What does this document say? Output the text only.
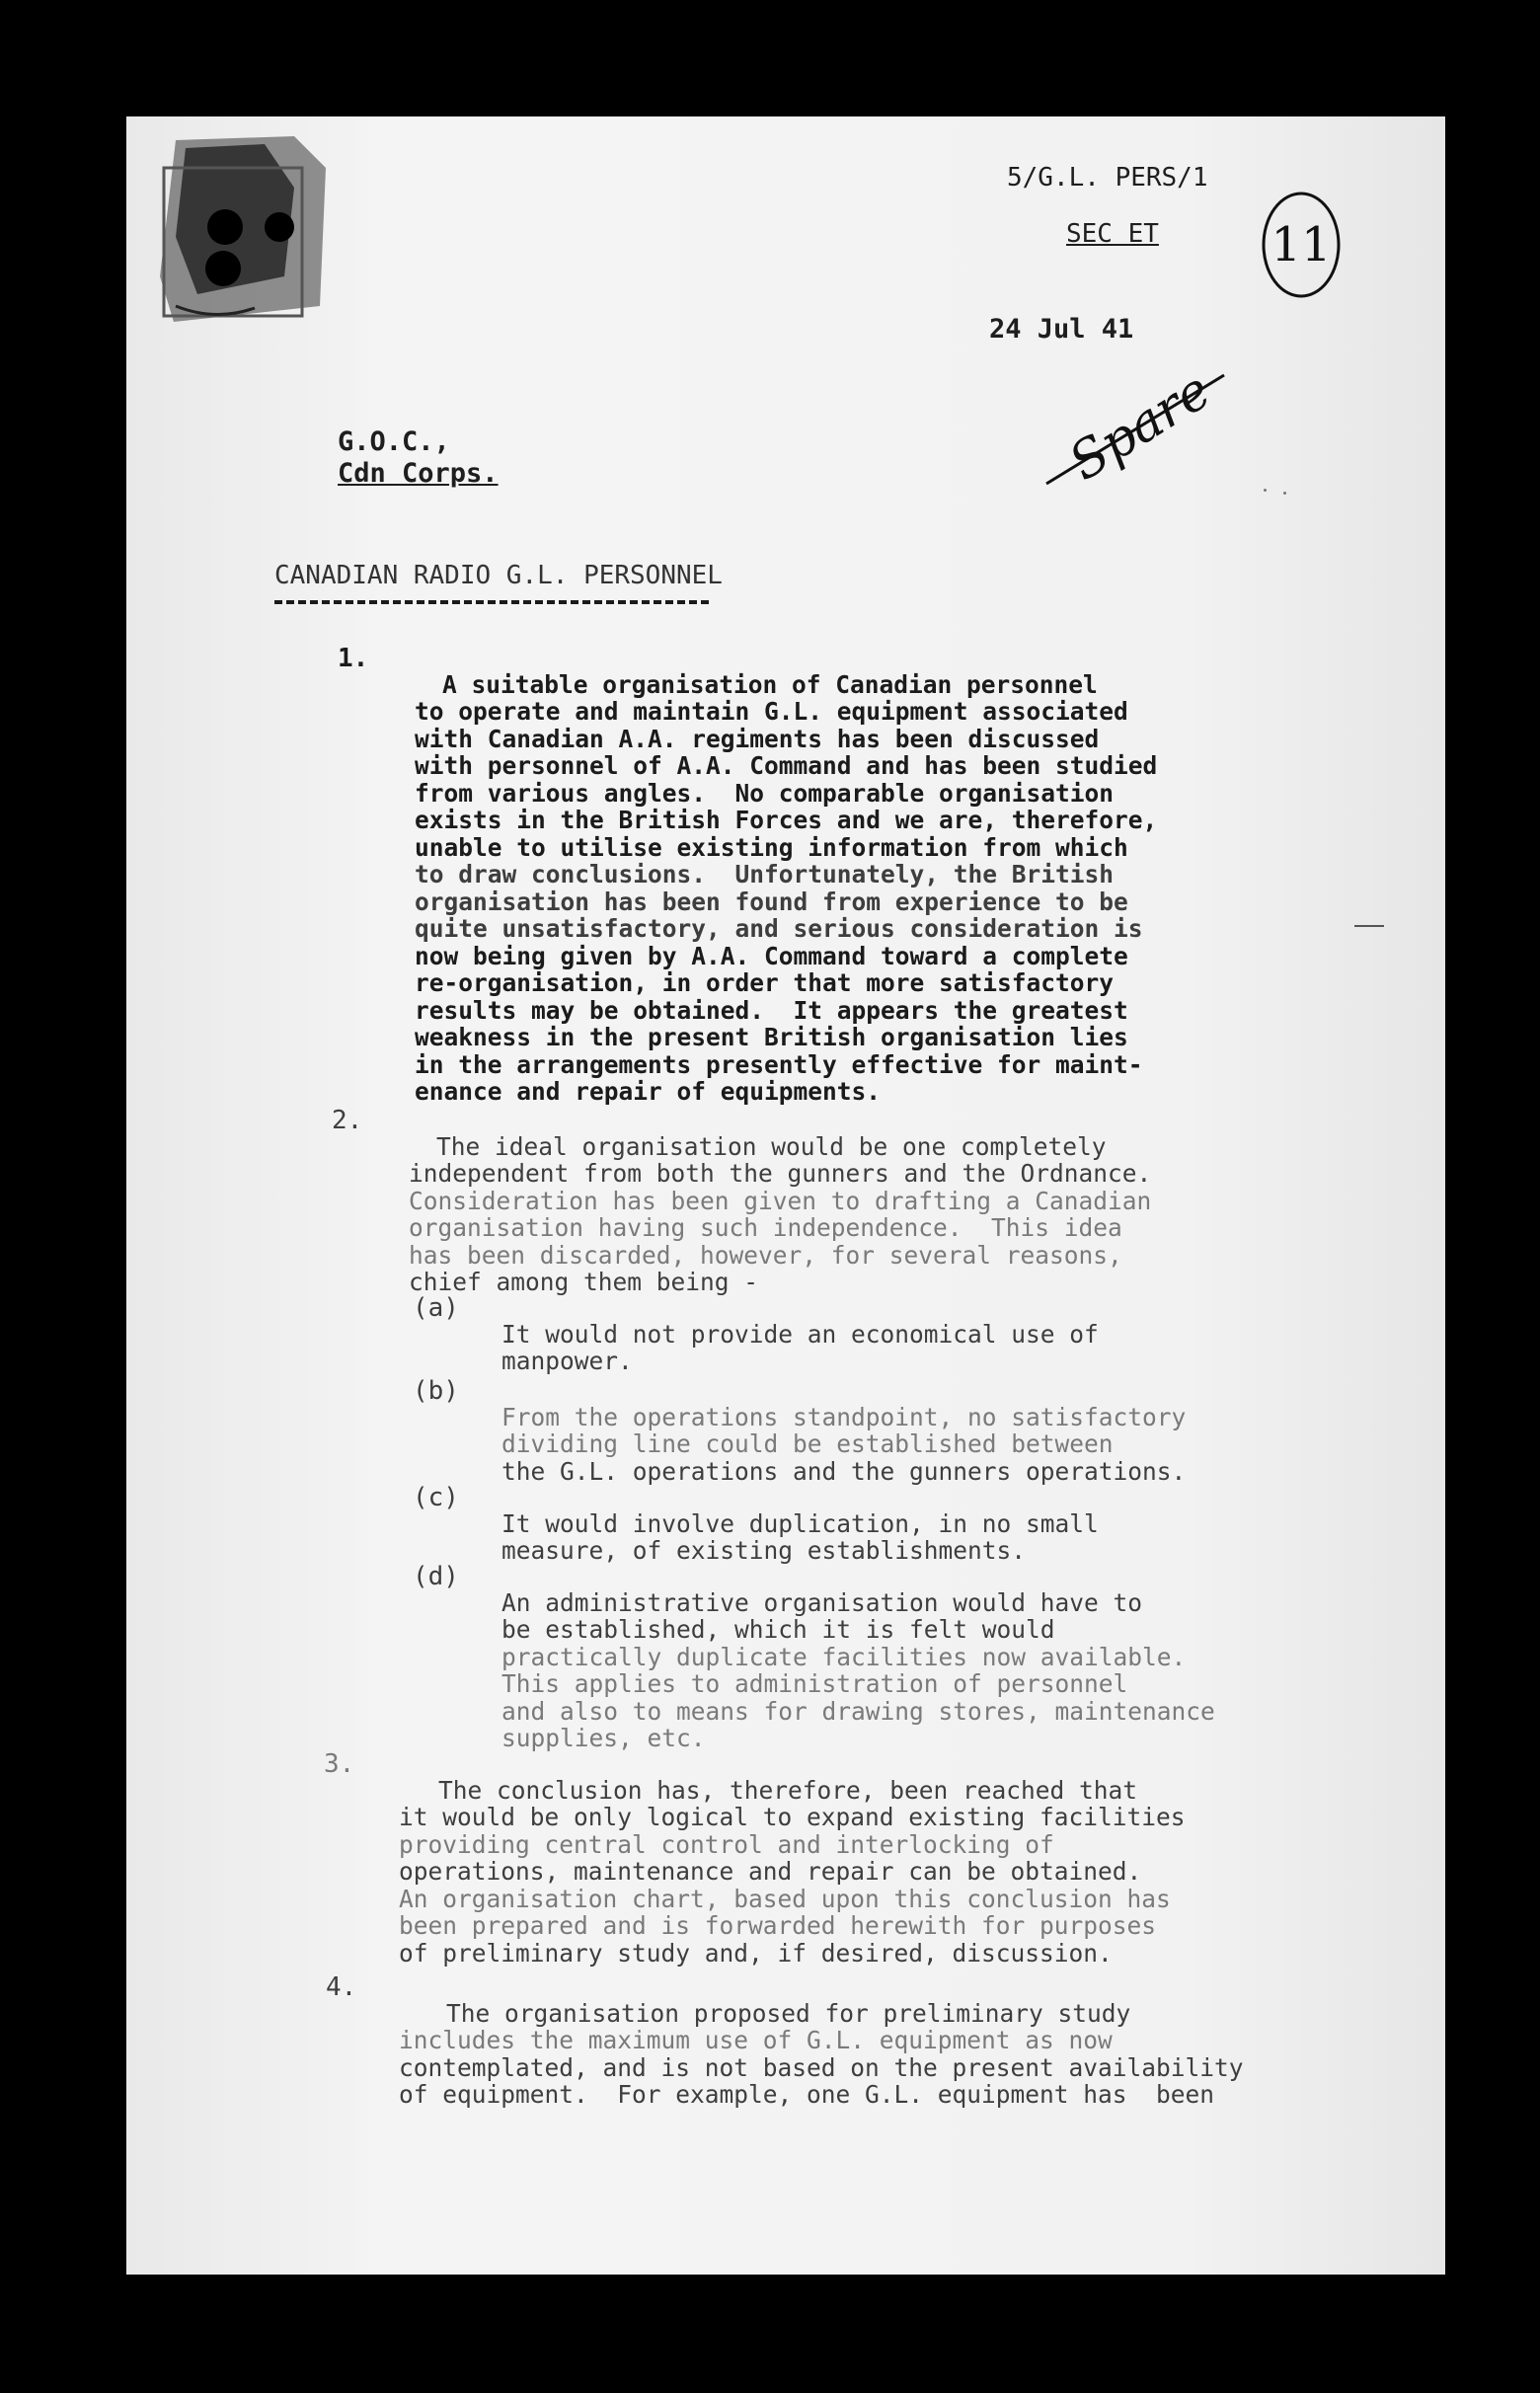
5/G.L. PERS/1
SEC ET 11
24 Jul 41
Spare
G.O.C.,
Cdn Corps.
CANADIAN RADIO G.L. PERSONNEL
1.

A suitable organisation of Canadian personnel
to operate and maintain G.L. equipment associated
with Canadian A.A. regiments has been discussed
with personnel of A.A. Command and has been studied
from various angles.  No comparable organisation
exists in the British Forces and we are, therefore,
unable to utilise existing information from which
to draw conclusions.  Unfortunately, the British
organisation has been found from experience to be
quite unsatisfactory, and serious consideration is
now being given by A.A. Command toward a complete
re-organisation, in order that more satisfactory
results may be obtained.  It appears the greatest
weakness in the present British organisation lies
in the arrangements presently effective for maint-
enance and repair of equipments.
2.

The ideal organisation would be one completely
independent from both the gunners and the Ordnance.
Consideration has been given to drafting a Canadian
organisation having such independence.  This idea
has been discarded, however, for several reasons,
chief among them being -
(a)

It would not provide an economical use of
manpower.
(b)

From the operations standpoint, no satisfactory
dividing line could be established between
the G.L. operations and the gunners operations.
(c)

It would involve duplication, in no small
measure, of existing establishments.
(d)

An administrative organisation would have to
be established, which it is felt would
practically duplicate facilities now available.
This applies to administration of personnel
and also to means for drawing stores, maintenance
supplies, etc.
3.

The conclusion has, therefore, been reached that
it would be only logical to expand existing facilities
providing central control and interlocking of
operations, maintenance and repair can be obtained.
An organisation chart, based upon this conclusion has
been prepared and is forwarded herewith for purposes
of preliminary study and, if desired, discussion.
4.

The organisation proposed for preliminary study
includes the maximum use of G.L. equipment as now
contemplated, and is not based on the present availability
of equipment.  For example, one G.L. equipment has  been
